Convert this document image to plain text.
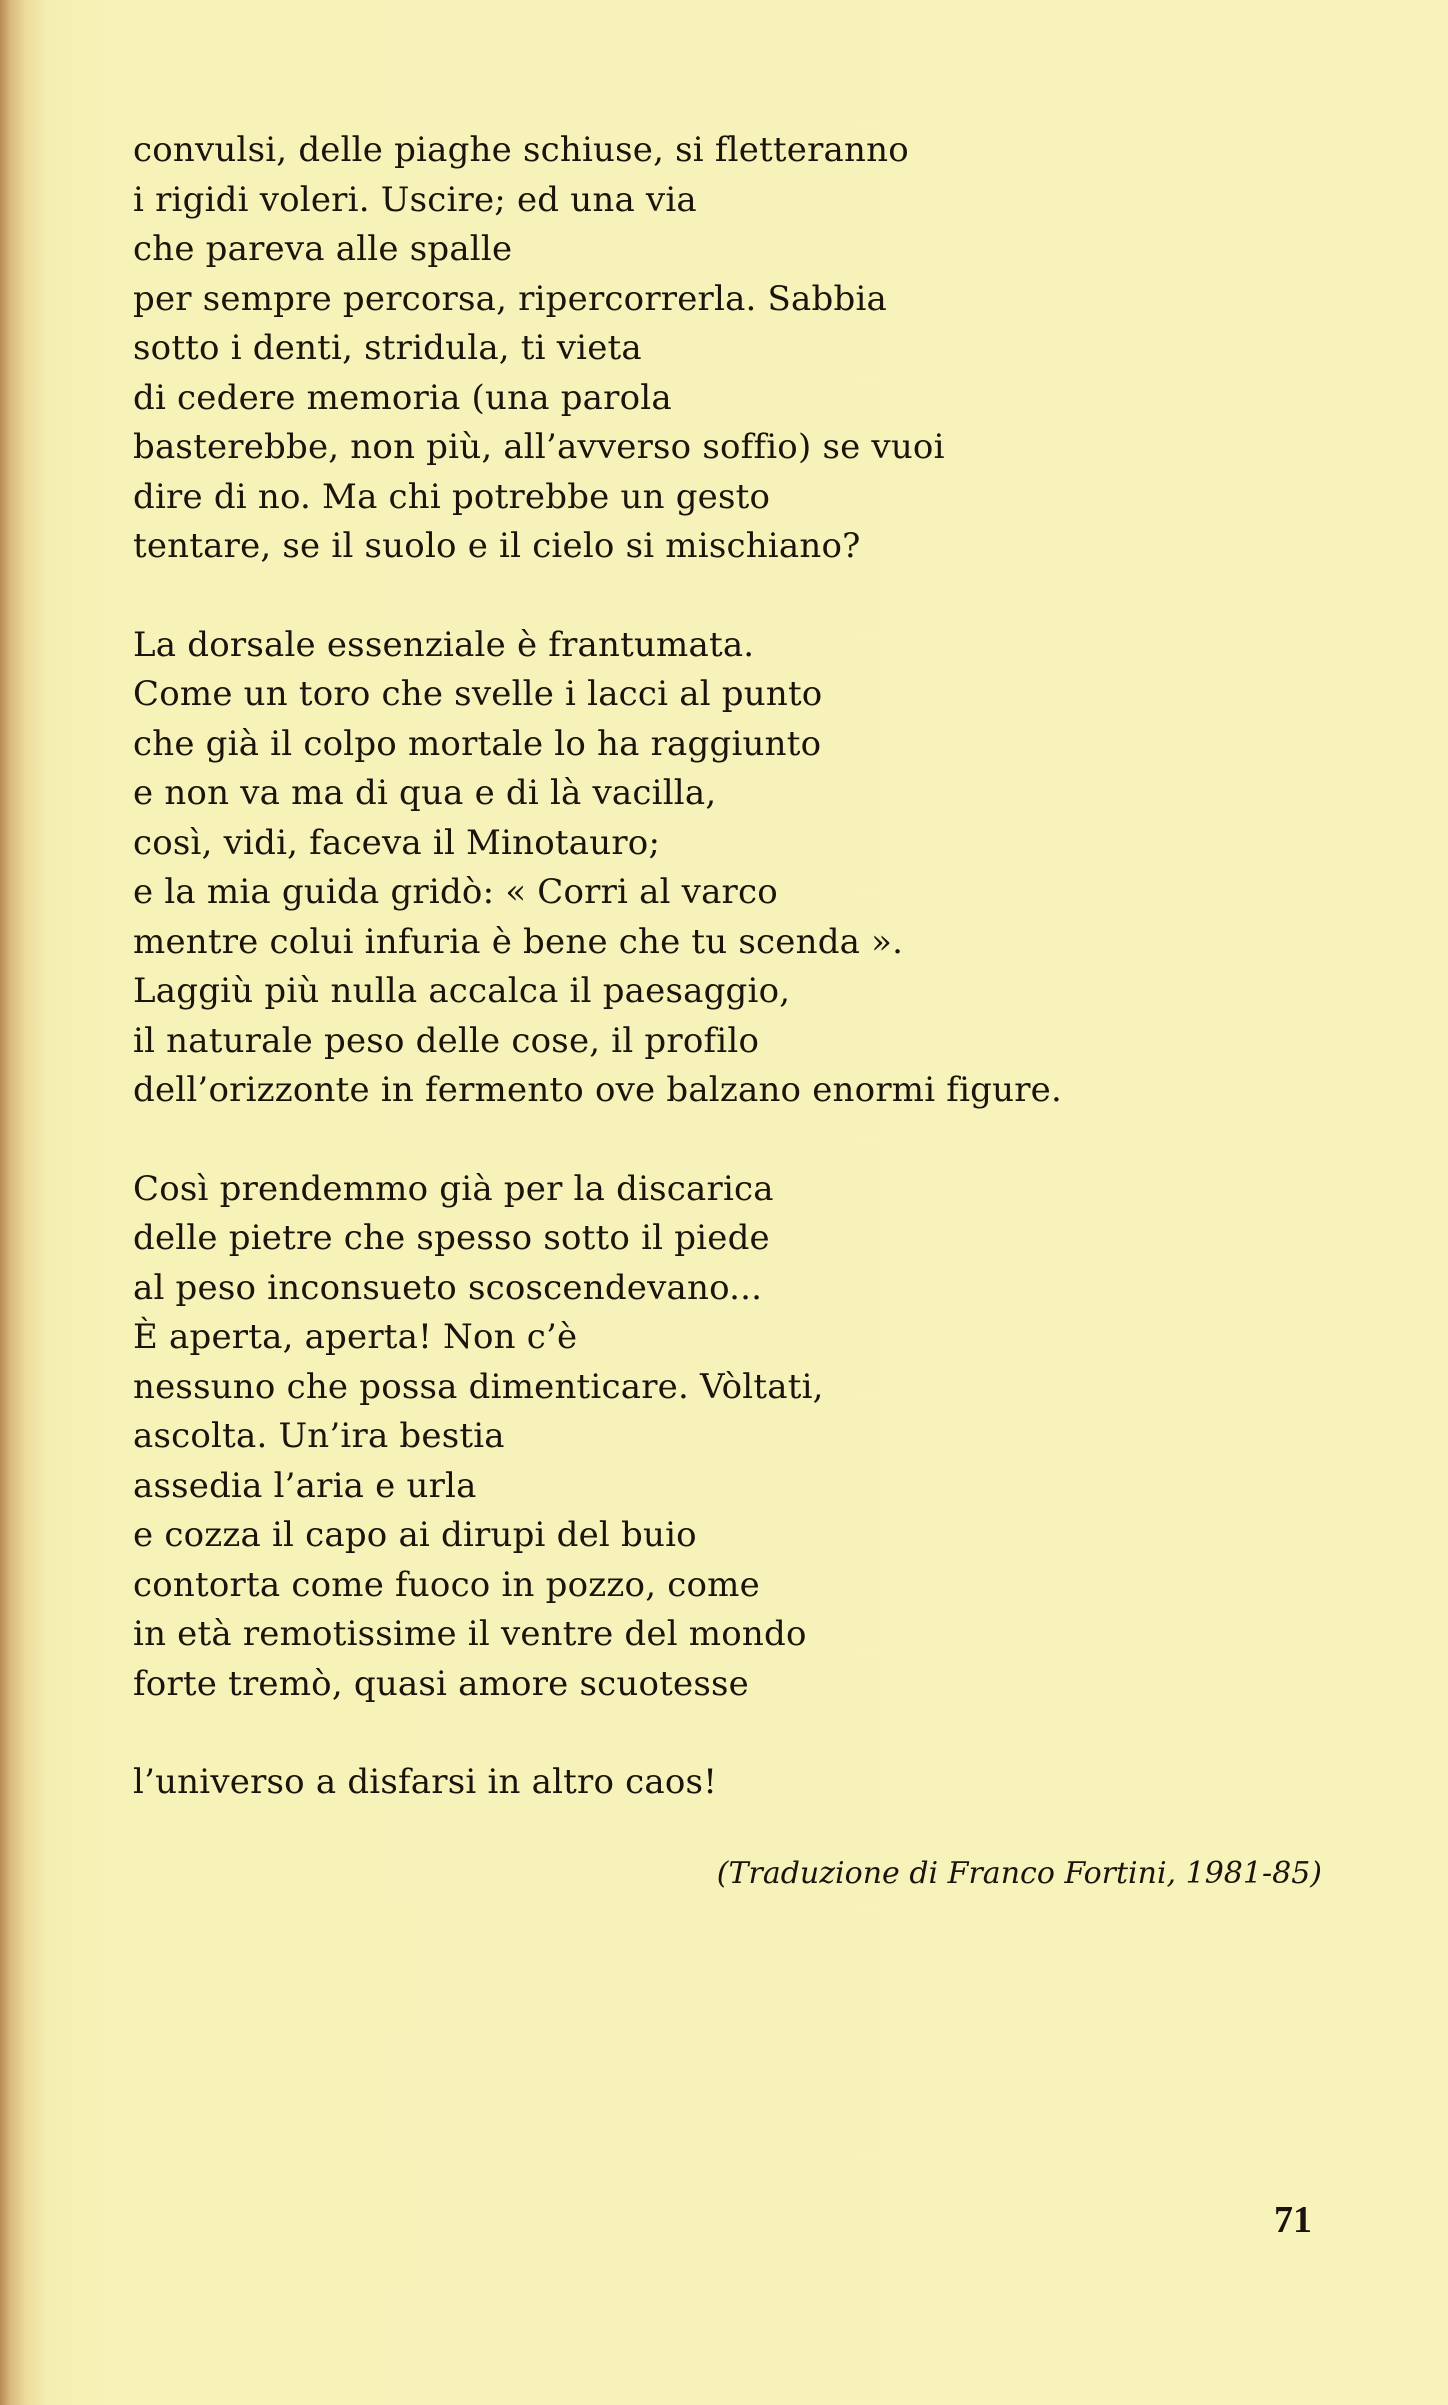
convulsi, delle piaghe schiuse, si fletteranno
i rigidi voleri. Uscire; ed una via
che pareva alle spalle
per sempre percorsa, ripercorrerla. Sabbia
sotto i denti, stridula, ti vieta
di cedere memoria (una parola
basterebbe, non più, all’avverso soffio) se vuoi
dire di no. Ma chi potrebbe un gesto
tentare, se il suolo e il cielo si mischiano?
La dorsale essenziale è frantumata.
Come un toro che svelle i lacci al punto
che già il colpo mortale lo ha raggiunto
e non va ma di qua e di là vacilla,
così, vidi, faceva il Minotauro;
e la mia guida gridò: « Corri al varco
mentre colui infuria è bene che tu scenda ».
Laggiù più nulla accalca il paesaggio,
il naturale peso delle cose, il profilo
dell’orizzonte in fermento ove balzano enormi figure.
Così prendemmo già per la discarica
delle pietre che spesso sotto il piede
al peso inconsueto scoscendevano...
È aperta, aperta! Non c’è
nessuno che possa dimenticare. Vòltati,
ascolta. Un’ira bestia
assedia l’aria e urla
e cozza il capo ai dirupi del buio
contorta come fuoco in pozzo, come
in età remotissime il ventre del mondo
forte tremò, quasi amore scuotesse
l’universo a disfarsi in altro caos!
(Traduzione di Franco Fortini, 1981-85)
71
